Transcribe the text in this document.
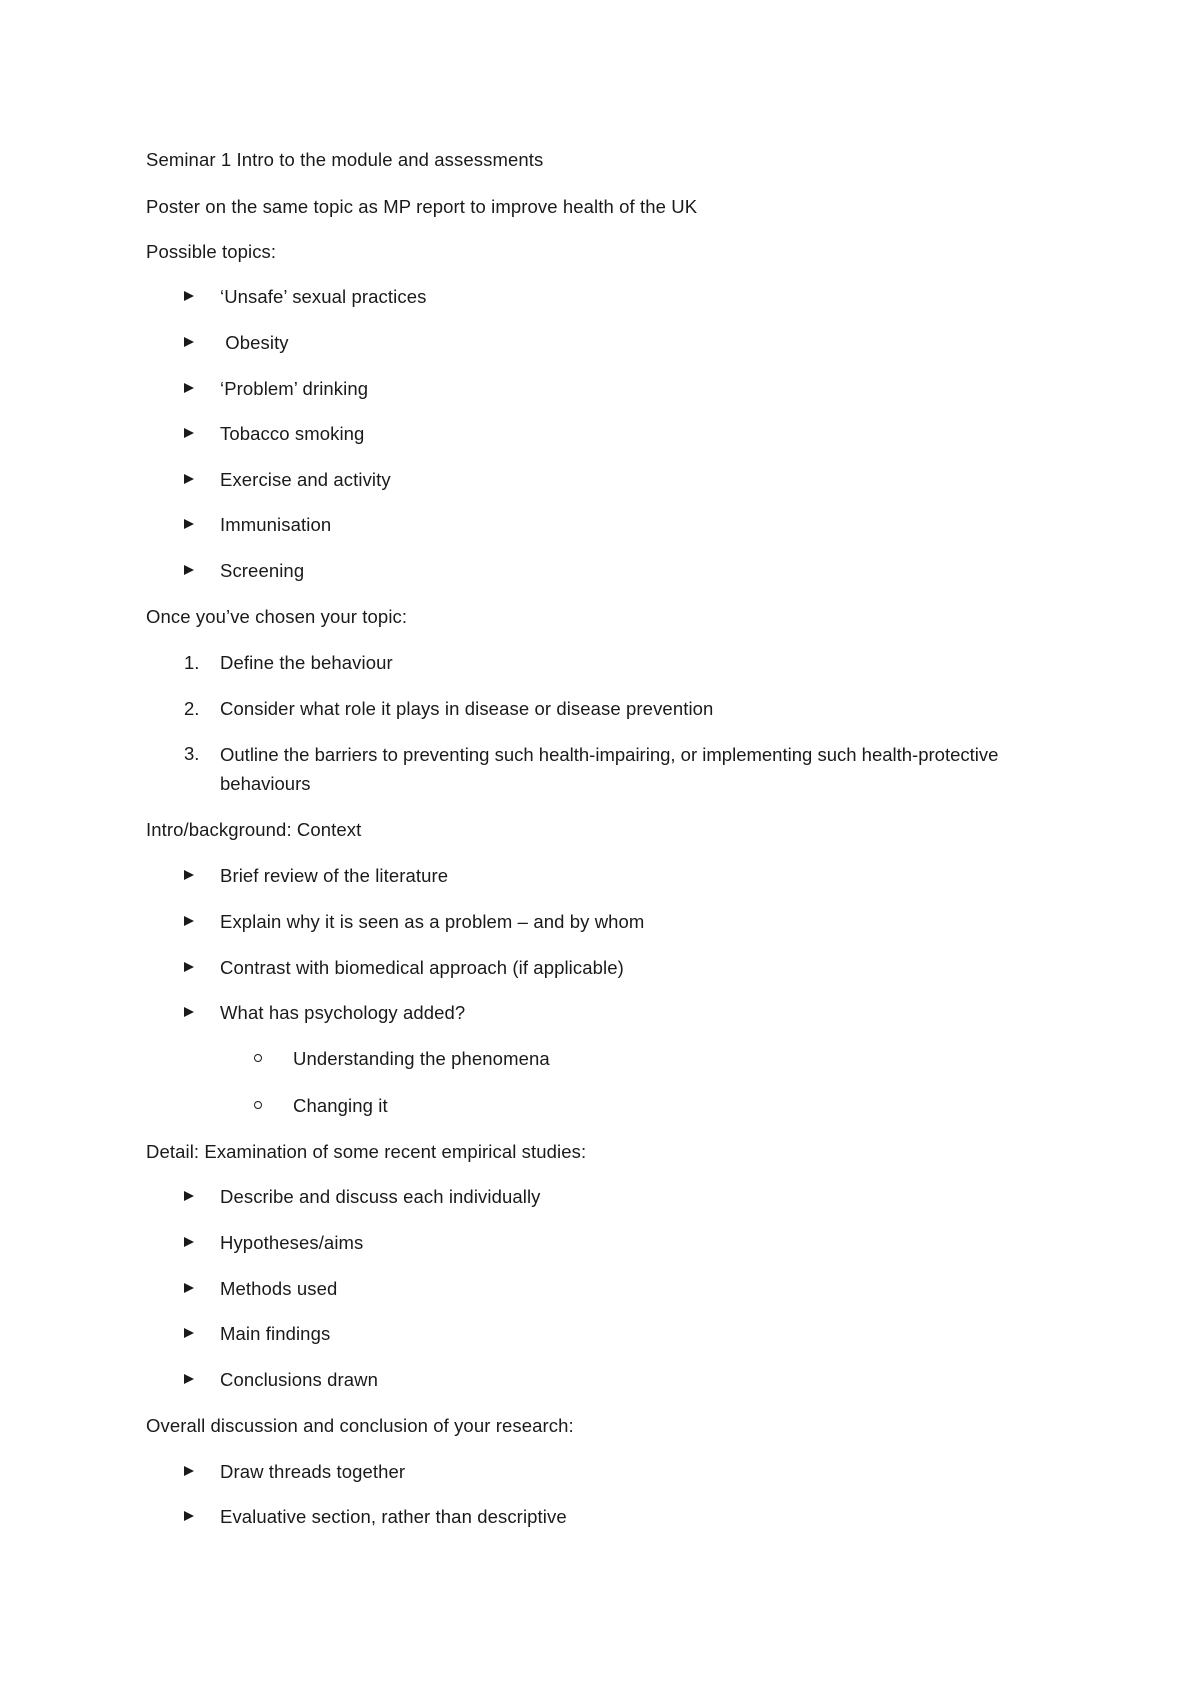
Seminar 1 Intro to the module and assessments
Poster on the same topic as MP report to improve health of the UK
Possible topics:
‘Unsafe’ sexual practices
Obesity
‘Problem’ drinking
Tobacco smoking
Exercise and activity
Immunisation
Screening
Once you’ve chosen your topic:
1. Define the behaviour
2. Consider what role it plays in disease or disease prevention
3. Outline the barriers to preventing such health-impairing, or implementing such health-protective behaviours
Intro/background: Context
Brief review of the literature
Explain why it is seen as a problem – and by whom
Contrast with biomedical approach (if applicable)
What has psychology added?
Understanding the phenomena
Changing it
Detail: Examination of some recent empirical studies:
Describe and discuss each individually
Hypotheses/aims
Methods used
Main findings
Conclusions drawn
Overall discussion and conclusion of your research:
Draw threads together
Evaluative section, rather than descriptive
